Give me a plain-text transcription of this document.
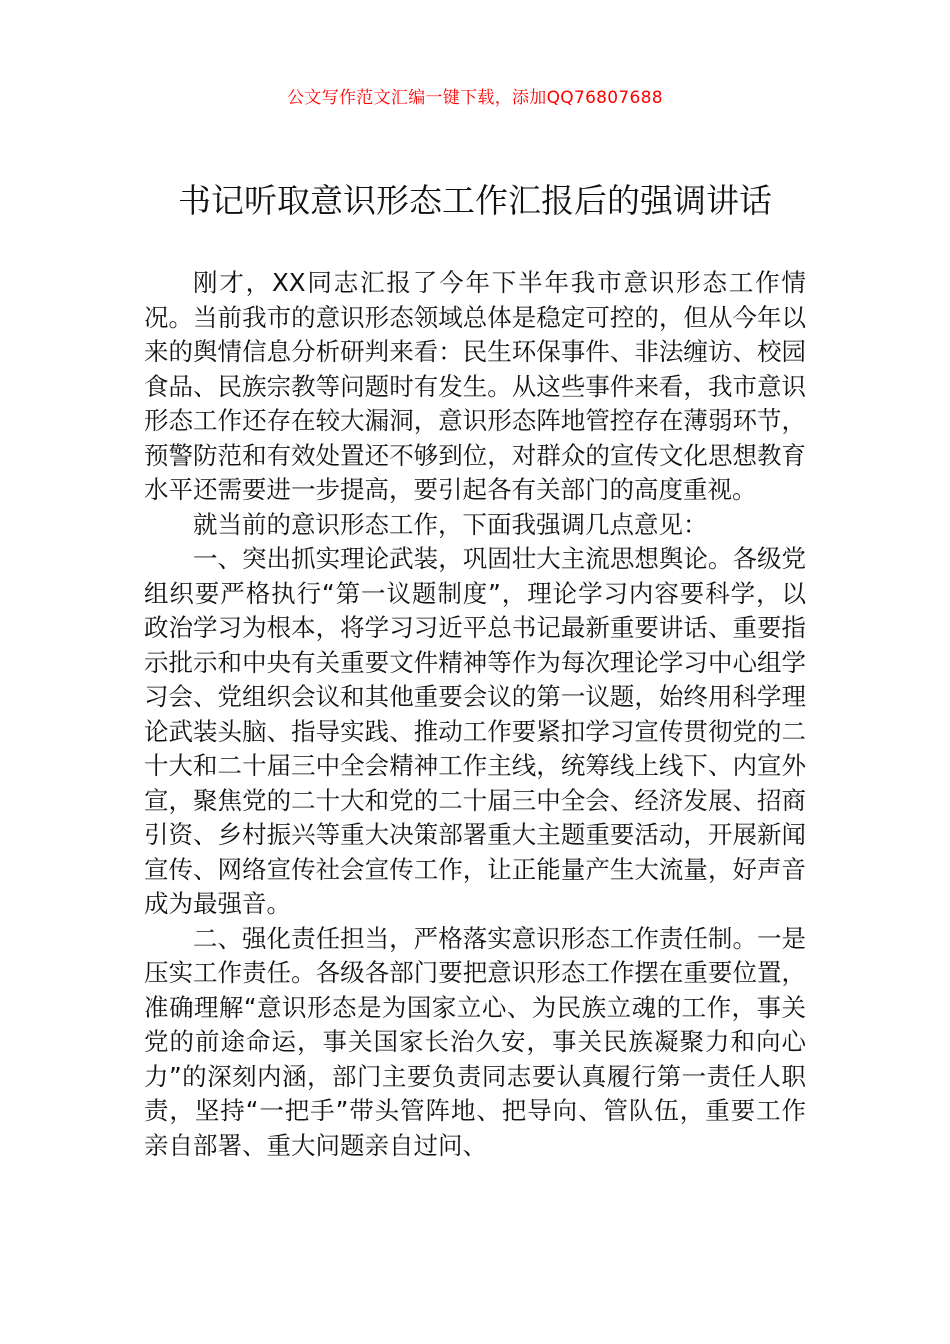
公文写作范文汇编一键下载，添加QQ76807688
书记听取意识形态工作汇报后的强调讲话

刚才，XX同志汇报了今年下半年我市意识形态工作情况。当前我市的意识形态领域总体是稳定可控的，但从今年以来的舆情信息分析研判来看：民生环保事件、非法缠访、校园食品、民族宗教等问题时有发生。从这些事件来看，我市意识形态工作还存在较大漏洞，意识形态阵地管控存在薄弱环节，预警防范和有效处置还不够到位，对群众的宣传文化思想教育水平还需要进一步提高，要引起各有关部门的高度重视。

就当前的意识形态工作，下面我强调几点意见：

一、突出抓实理论武装，巩固壮大主流思想舆论。各级党组织要严格执行“第一议题制度”，理论学习内容要科学，以政治学习为根本，将学习习近平总书记最新重要讲话、重要指示批示和中央有关重要文件精神等作为每次理论学习中心组学习会、党组织会议和其他重要会议的第一议题，始终用科学理论武装头脑、指导实践、推动工作要紧扣学习宣传贯彻党的二十大和二十届三中全会精神工作主线，统筹线上线下、内宣外宣，聚焦党的二十大和党的二十届三中全会、经济发展、招商引资、乡村振兴等重大决策部署重大主题重要活动，开展新闻宣传、网络宣传社会宣传工作，让正能量产生大流量，好声音成为最强音。

二、强化责任担当，严格落实意识形态工作责任制。一是压实工作责任。各级各部门要把意识形态工作摆在重要位置，准确理解“意识形态是为国家立心、为民族立魂的工作，事关党的前途命运，事关国家长治久安，事关民族凝聚力和向心力”的深刻内涵，部门主要负责同志要认真履行第一责任人职责，坚持“一把手”带头管阵地、把导向、管队伍，重要工作亲自部署、重大问题亲自过问、
